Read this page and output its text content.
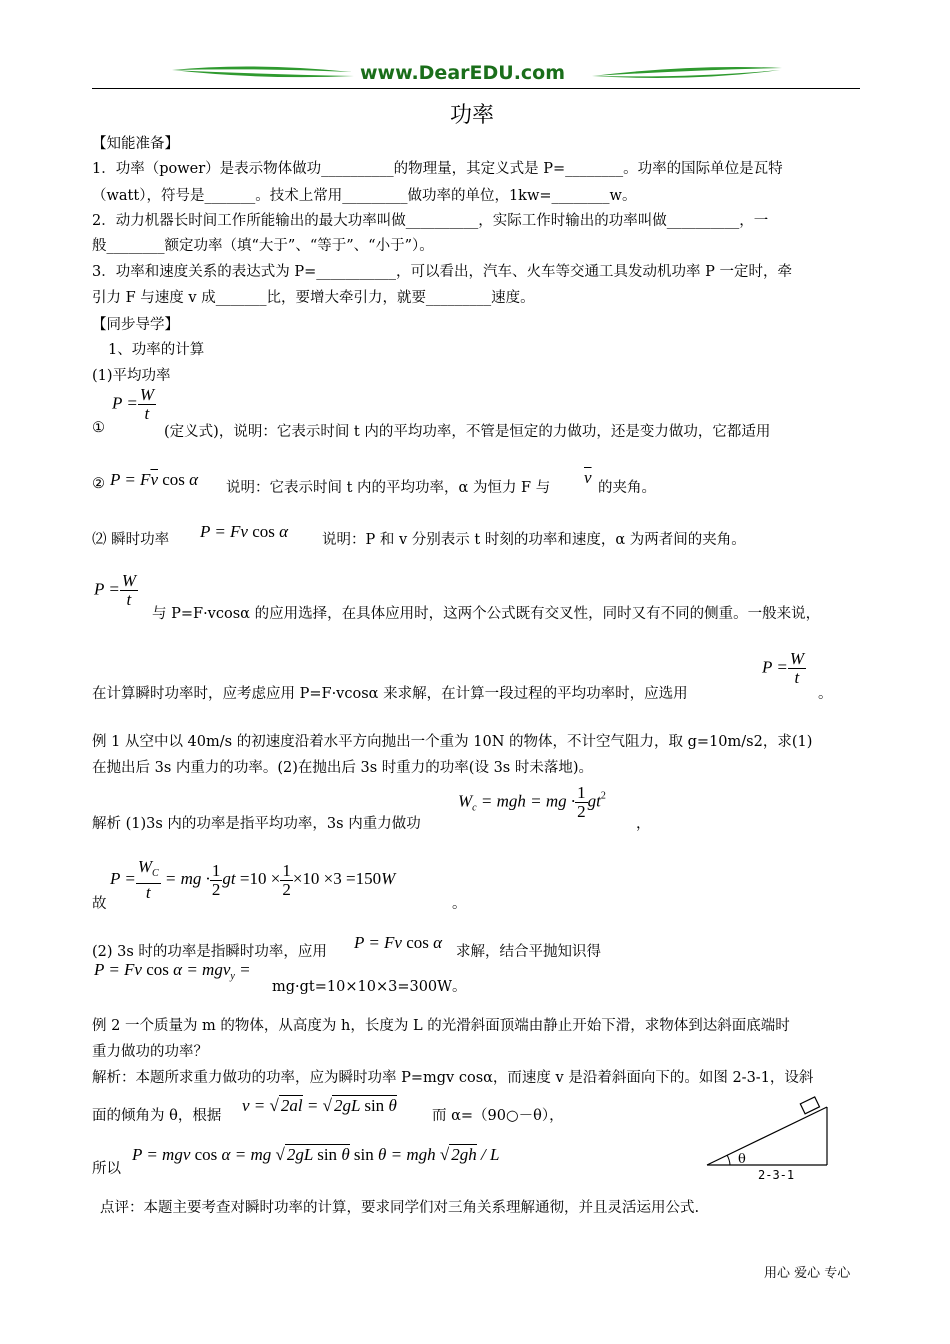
www.DearEDU.com
功率
【知能准备】
1．功率（power）是表示物体做功__________的物理量，其定义式是 P=________。功率的国际单位是瓦特
（watt），符号是_______。技术上常用_________做功率的单位，1kw=________w。
2．动力机器长时间工作所能输出的最大功率叫做__________，实际工作时输出的功率叫做__________，一
般________额定功率（填“大于”、“等于”、“小于”）。
3．功率和速度关系的表达式为 P=___________，可以看出，汽车、火车等交通工具发动机功率 P 一定时，牵
引力 F 与速度 v 成_______比，要增大牵引力，就要_________速度。
【同步导学】
1、功率的计算
(1)平均功率
$P = \frac{W}{t}$
①	(定义式)，说明：它表示时间 t 内的平均功率，不管是恒定的力做功，还是变力做功，它都适用
② $P = F\overline{v}$ cos α 说明：它表示时间 t 内的平均功率，α 为恒力 F 与
$\overline{v}$
的夹角。
⑵ 瞬时功率 P = Fv cos α 说明：P 和 v 分别表示 t 时刻的功率和速度，α 为两者间的夹角。
$P = \frac{W}{t}$
与 P=F·vcosα 的应用选择，在具体应用时，这两个公式既有交叉性，同时又有不同的侧重。一般来说，
在计算瞬时功率时，应考虑应用 P=F·vcosα 来求解，在计算一段过程的平均功率时，应选用
$P = \frac{W}{t}$
。
例 1 从空中以 40m/s 的初速度沿着水平方向抛出一个重为 10N 的物体，不计空气阻力，取 g=10m/s2，求(1)
在抛出后 3s 内重力的功率。(2)在抛出后 3s 时重力的功率(设 3s 时未落地)。
解析 (1)3s 内的功率是指平均功率，3s 内重力做功
$W_c$ = mgh = mg · $\frac{1}{2} gt^2$
，
故
$P = \frac{W_C}{t}$ = mg · $\frac{1}{2}$ gt $=10 \times \frac{1}{2} \times 10 \times 3 =150W$
。
(2) 3s 时的功率是指瞬时功率，应用 P = Fv cos α 求解，结合平抛知识得
P = Fv cos α = mgv$_y$ =
mg·gt=10×10×3=300W。
例 2 一个质量为 m 的物体，从高度为 h，长度为 L 的光滑斜面顶端由静止开始下滑，求物体到达斜面底端时
重力做功的功率？
解析：本题所求重力做功的功率，应为瞬时功率 P=mgv cosα，而速度 v 是沿着斜面向下的。如图 2-3-1，设斜
面的倾角为 θ，根据
v = √ 2al = √ 2gL sin θ
而 α=（90○－θ），
所以
P = mgv cos α = mg √ 2gL sin θ sin θ = mgh √ 2gh / L	θ
2-3-1
点评：本题主要考查对瞬时功率的计算，要求同学们对三角关系理解通彻，并且灵活运用公式.
用心 爱心 专心
